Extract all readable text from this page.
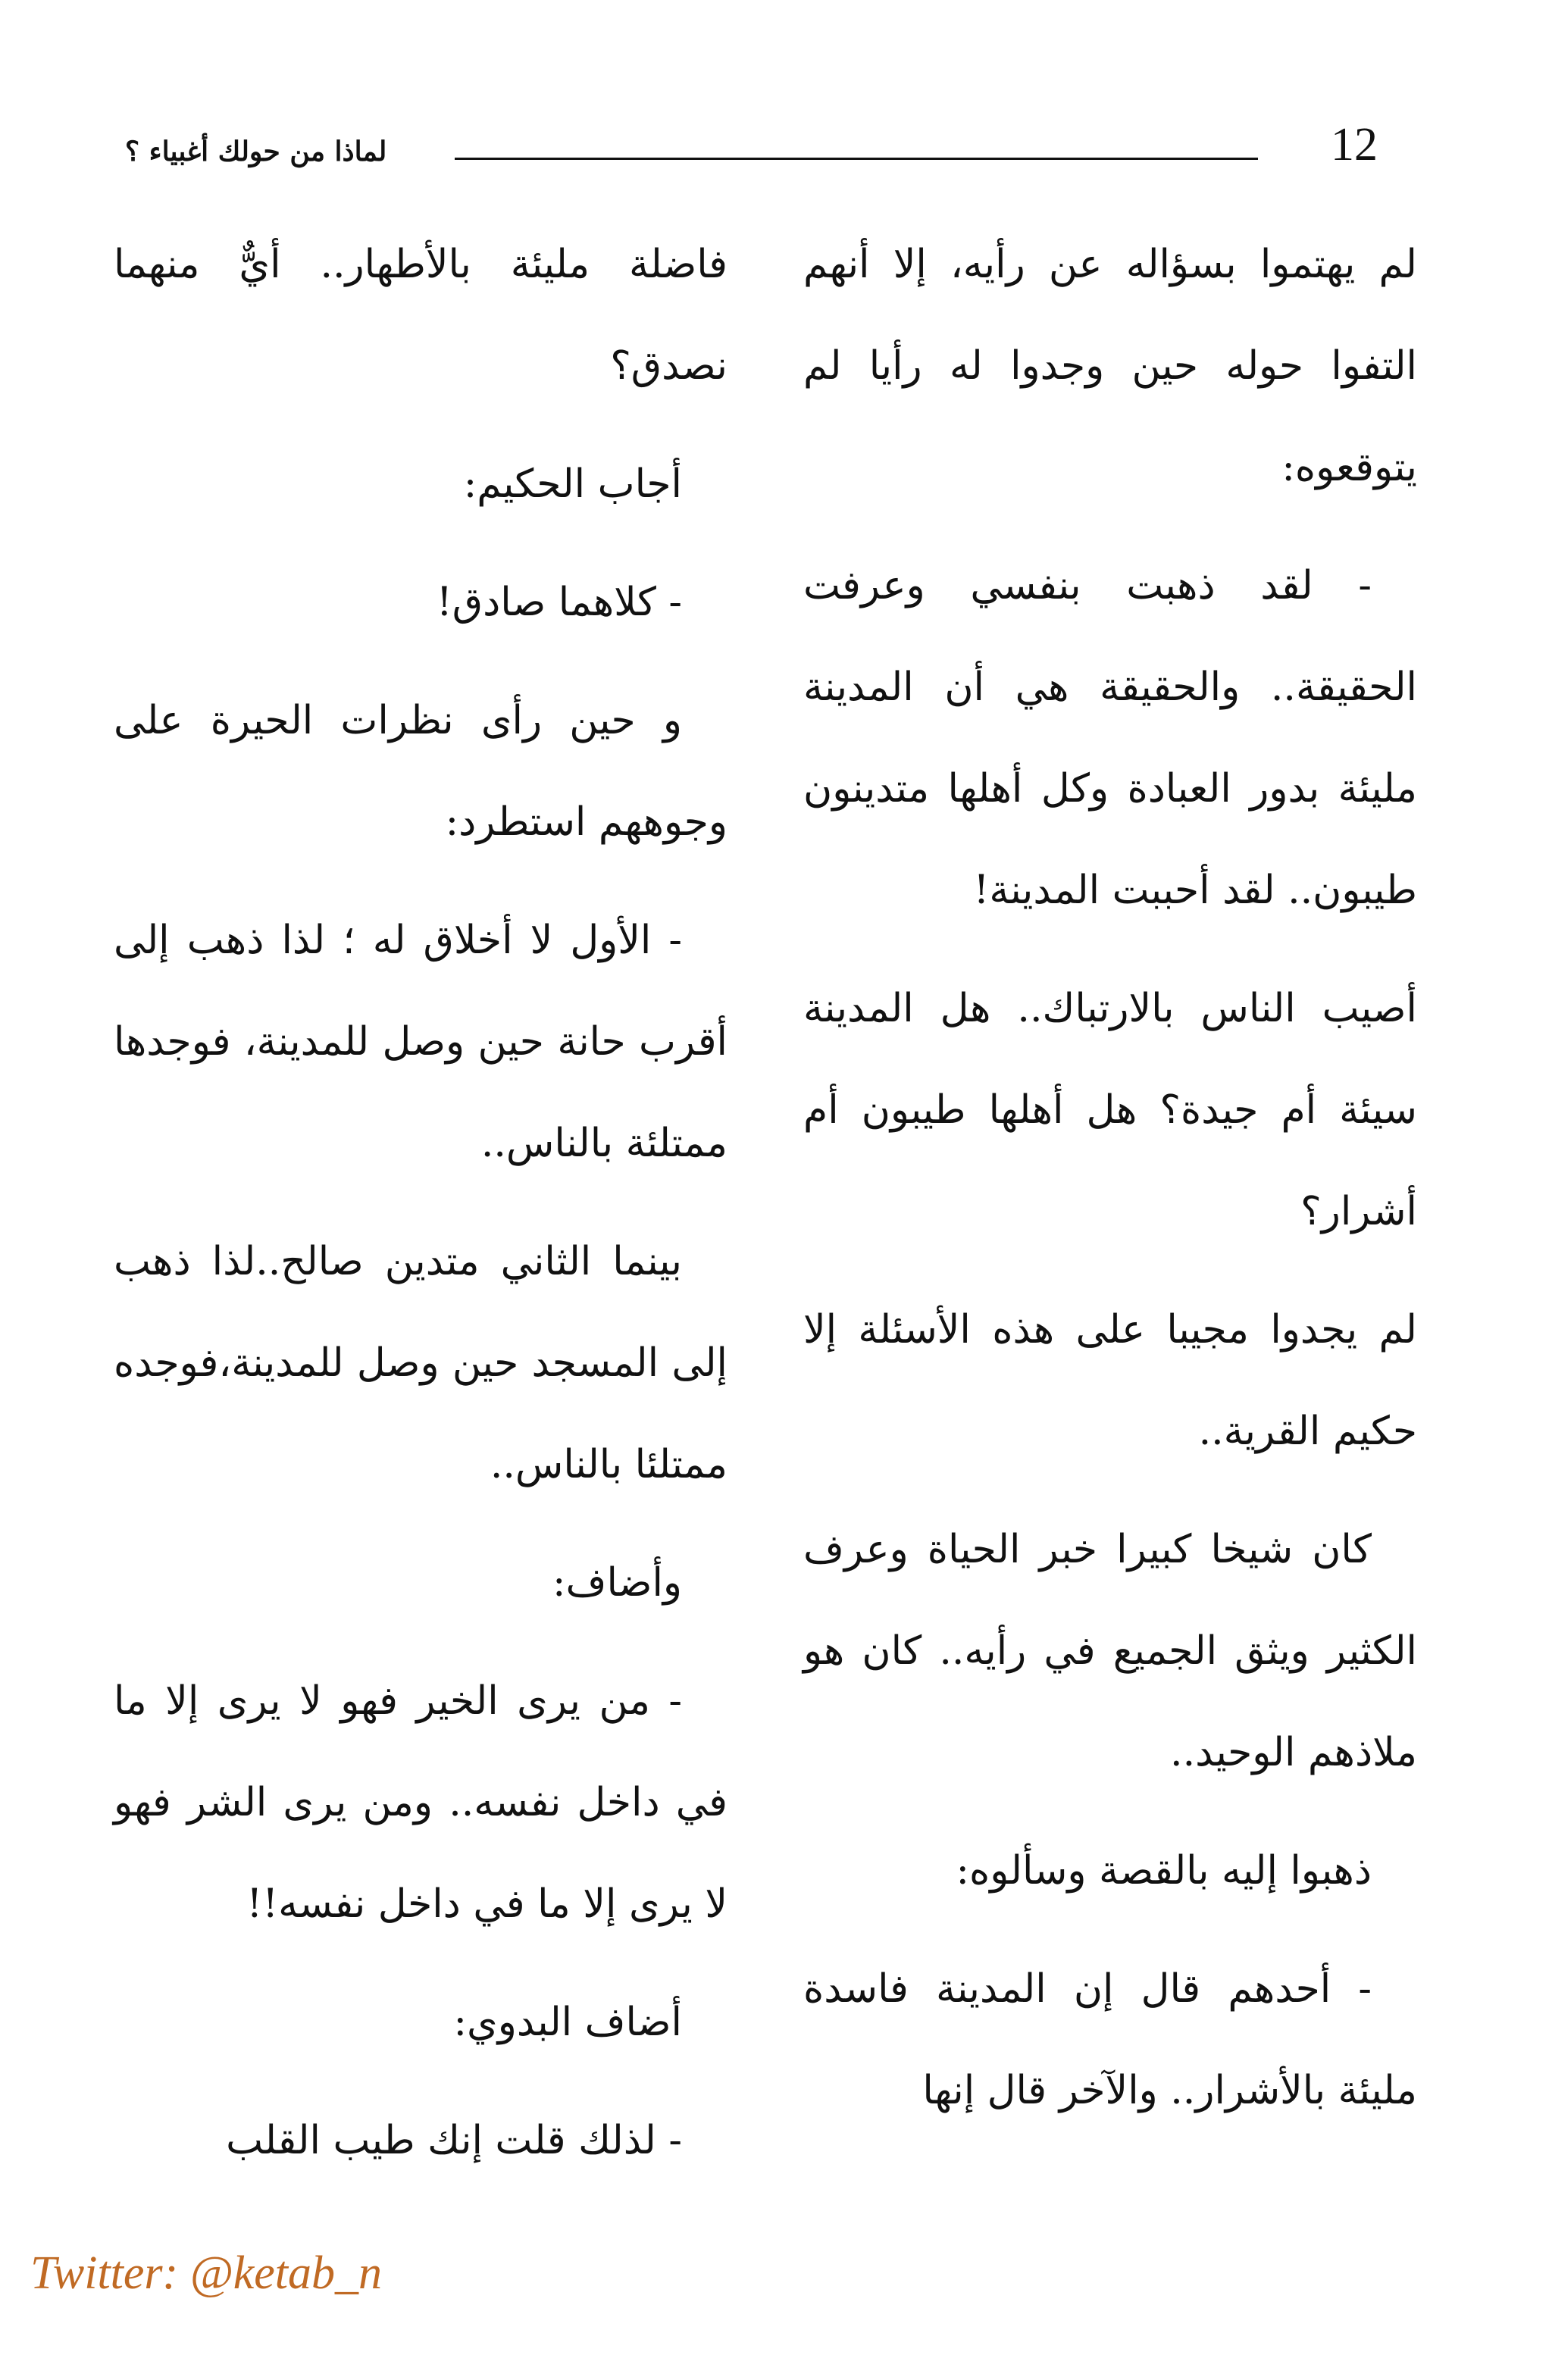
12
لماذا من حولك أغبياء ؟

لم يهتموا بسؤاله عن رأيه، إلا أنهم التفوا حوله حين وجدوا له رأيا لم يتوقعوه:

- لقد ذهبت بنفسي وعرفت الحقيقة.. والحقيقة هي أن المدينة مليئة بدور العبادة وكل أهلها متدينون طيبون.. لقد أحببت المدينة!

أصيب الناس بالارتباك.. هل المدينة سيئة أم جيدة؟ هل أهلها طيبون أم أشرار؟

لم يجدوا مجيبا على هذه الأسئلة إلا حكيم القرية..

كان شيخا كبيرا خبر الحياة وعرف الكثير ويثق الجميع في رأيه.. كان هو ملاذهم الوحيد..

ذهبوا إليه بالقصة وسألوه:

- أحدهم قال إن المدينة فاسدة مليئة بالأشرار.. والآخر قال إنها

فاضلة مليئة بالأطهار.. أيٌّ منهما نصدق؟

أجاب الحكيم:

- كلاهما صادق!

و حين رأى نظرات الحيرة على وجوههم استطرد:

- الأول لا أخلاق له ؛ لذا ذهب إلى أقرب حانة حين وصل للمدينة، فوجدها ممتلئة بالناس..

بينما الثاني متدين صالح..لذا ذهب إلى المسجد حين وصل للمدينة،فوجده ممتلئا بالناس..

وأضاف:

- من يرى الخير فهو لا يرى إلا ما في داخل نفسه.. ومن يرى الشر فهو لا يرى إلا ما في داخل نفسه!!

أضاف البدوي:

- لذلك قلت إنك طيب القلب

Twitter: @ketab_n
